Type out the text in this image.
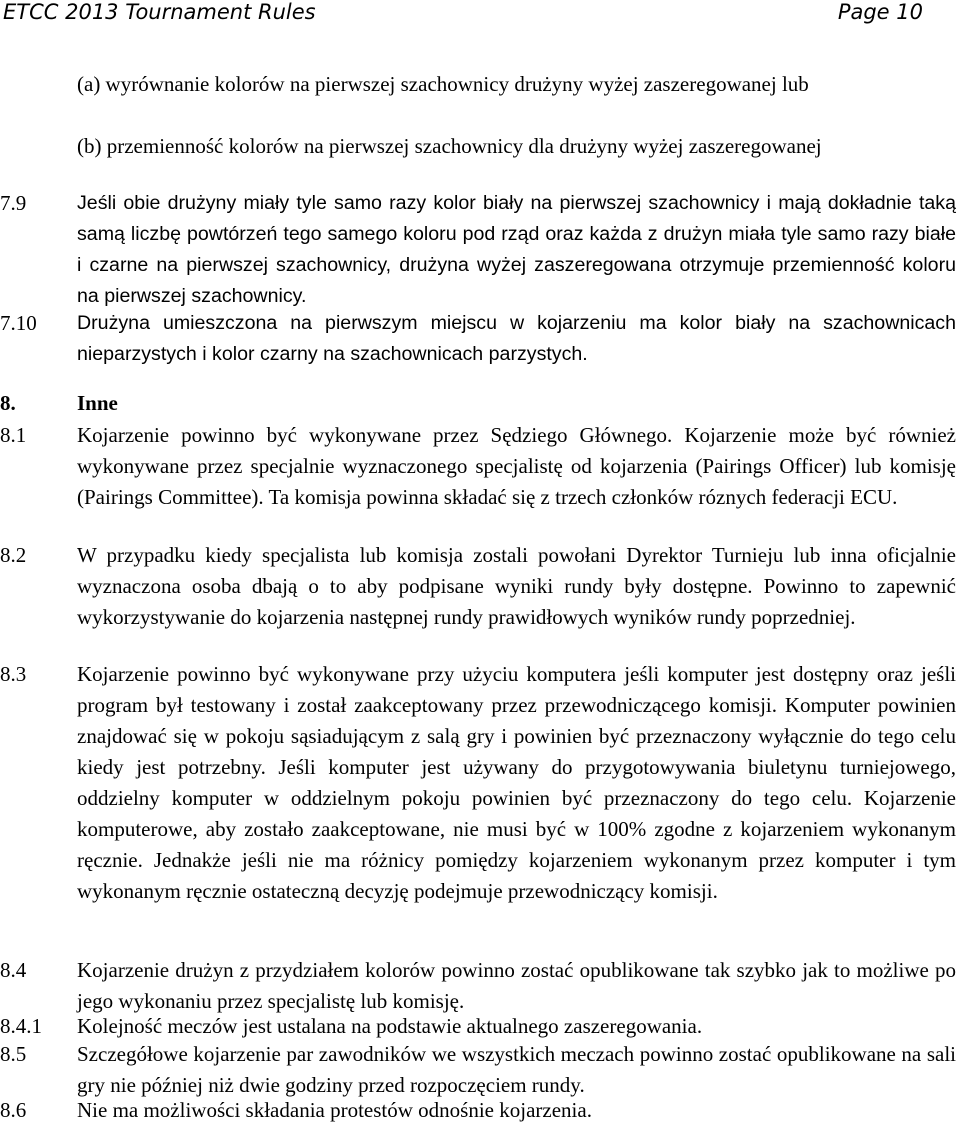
ETCC 2013 Tournament Rules	Page 10
(a) wyrównanie kolorów na pierwszej szachownicy drużyny wyżej zaszeregowanej lub
(b) przemienność kolorów na pierwszej szachownicy dla drużyny wyżej zaszeregowanej
7.9	Jeśli obie drużyny miały tyle samo razy kolor biały na pierwszej szachownicy i mają dokładnie taką samą liczbę powtórzeń tego samego koloru pod rząd oraz każda z drużyn miała tyle samo razy białe i czarne na pierwszej szachownicy, drużyna wyżej zaszeregowana otrzymuje przemienność koloru na pierwszej szachownicy.
7.10 Drużyna umieszczona na pierwszym miejscu w kojarzeniu ma kolor biały na szachownicach nieparzystych i kolor czarny na szachownicach parzystych.
8.	Inne
8.1 Kojarzenie powinno być wykonywane przez Sędziego Głównego. Kojarzenie może być również wykonywane przez specjalnie wyznaczonego specjalistę od kojarzenia (Pairings Officer) lub komisję (Pairings Committee). Ta komisja powinna składać się z trzech członków róznych federacji ECU.
8.2 W przypadku kiedy specjalista lub komisja zostali powołani Dyrektor Turnieju lub inna oficjalnie wyznaczona osoba dbają o to aby podpisane wyniki rundy były dostępne. Powinno to zapewnić wykorzystywanie do kojarzenia następnej rundy prawidłowych wyników rundy poprzedniej.
8.3 Kojarzenie powinno być wykonywane przy użyciu komputera jeśli komputer jest dostępny oraz jeśli program był testowany i został zaakceptowany przez przewodniczącego komisji. Komputer powinien znajdować się w pokoju sąsiadującym z salą gry i powinien być przeznaczony wyłącznie do tego celu kiedy jest potrzebny. Jeśli komputer jest używany do przygotowywania biuletynu turniejowego, oddzielny komputer w oddzielnym pokoju powinien być przeznaczony do tego celu. Kojarzenie komputerowe, aby zostało zaakceptowane, nie musi być w 100% zgodne z kojarzeniem wykonanym ręcznie. Jednakże jeśli nie ma różnicy pomiędzy kojarzeniem wykonanym przez komputer i tym wykonanym ręcznie ostateczną decyzję podejmuje przewodniczący komisji.
8.4 Kojarzenie drużyn z przydziałem kolorów powinno zostać opublikowane tak szybko jak to możliwe po jego wykonaniu przez specjalistę lub komisję.
8.4.1 Kolejność meczów jest ustalana na podstawie aktualnego zaszeregowania.
8.5 Szczegółowe kojarzenie par zawodników we wszystkich meczach powinno zostać opublikowane na sali gry nie później niż dwie godziny przed rozpoczęciem rundy.
8.6 Nie ma możliwości składania protestów odnośnie kojarzenia.
